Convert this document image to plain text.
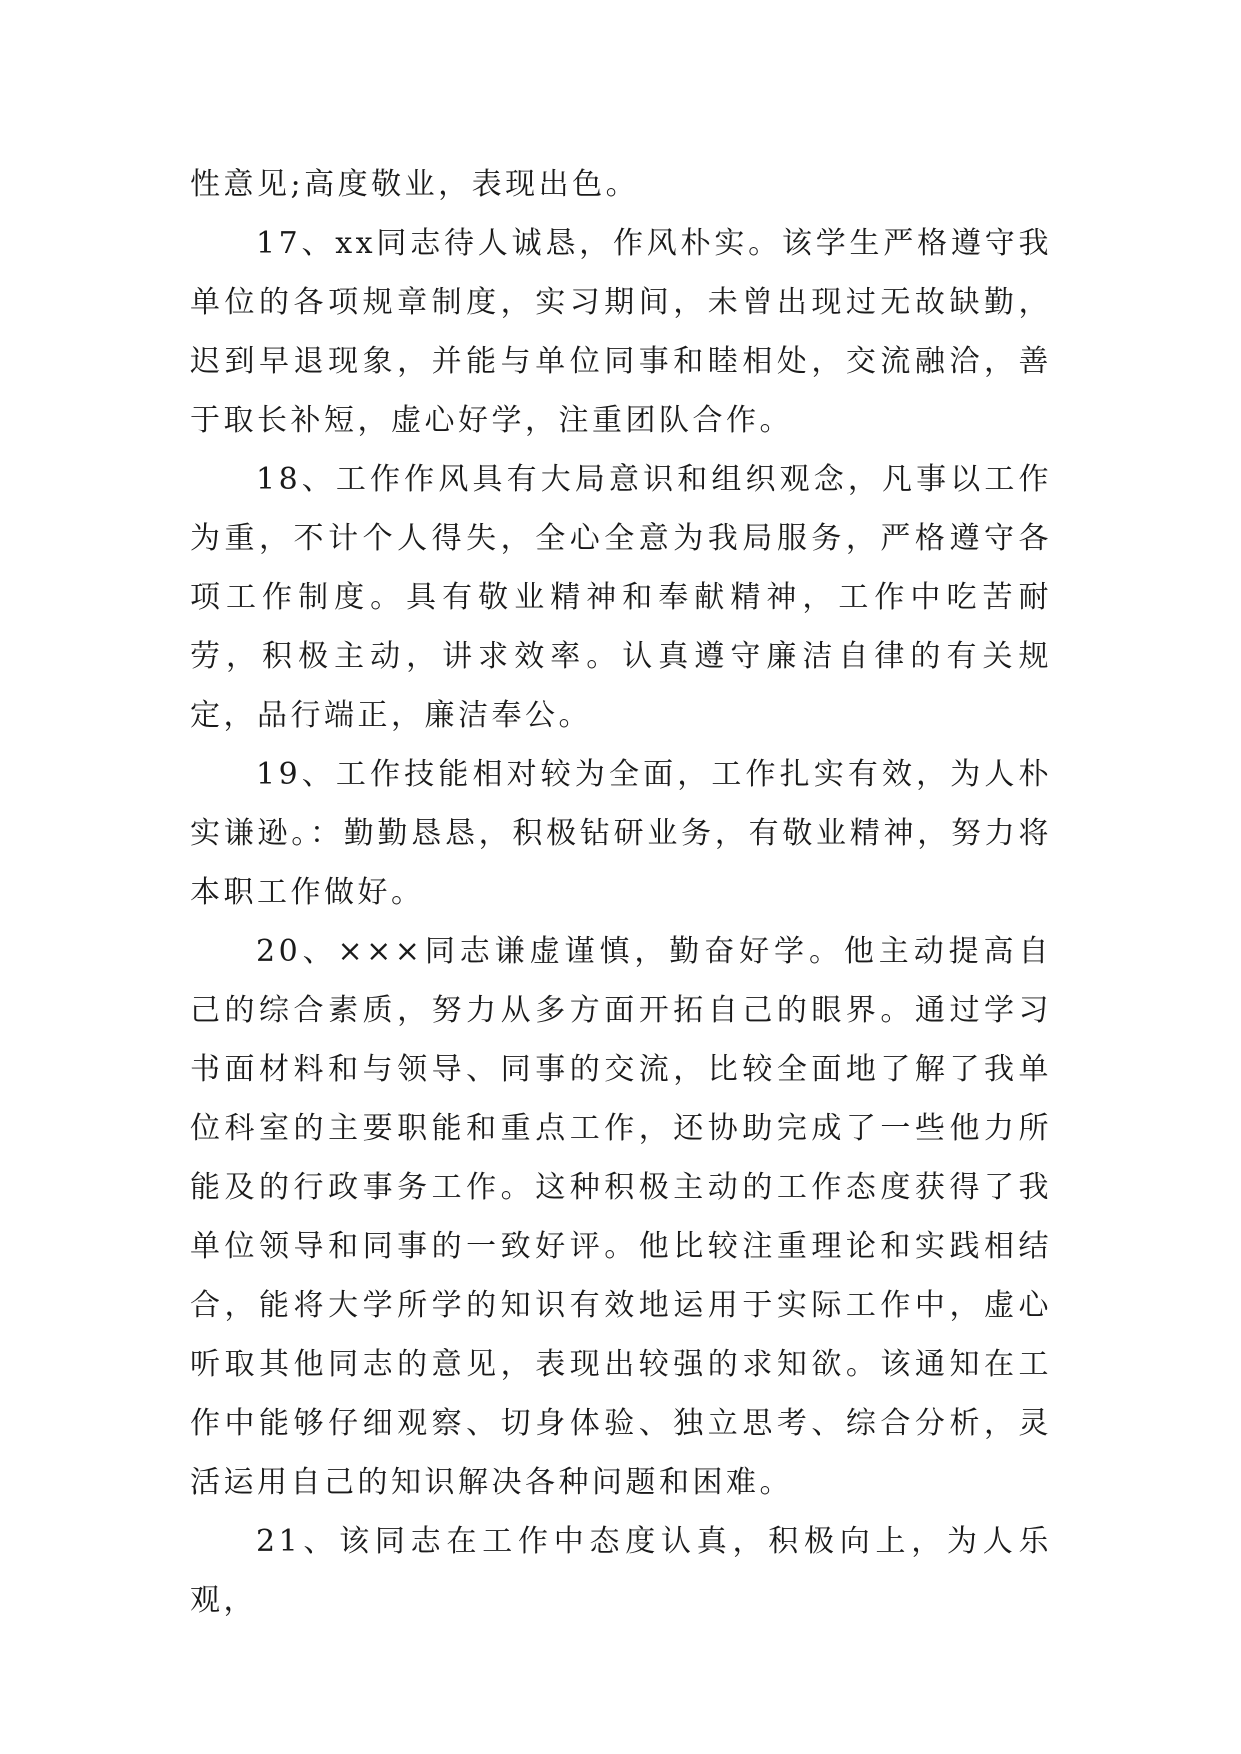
性意见;高度敬业，表现出色。

17、xx同志待人诚恳，作风朴实。该学生严格遵守我单位的各项规章制度，实习期间，未曾出现过无故缺勤，迟到早退现象，并能与单位同事和睦相处，交流融洽，善于取长补短，虚心好学，注重团队合作。

18、工作作风具有大局意识和组织观念，凡事以工作为重，不计个人得失，全心全意为我局服务，严格遵守各项工作制度。具有敬业精神和奉献精神，工作中吃苦耐劳，积极主动，讲求效率。认真遵守廉洁自律的有关规定，品行端正，廉洁奉公。

19、工作技能相对较为全面，工作扎实有效，为人朴实谦逊。：勤勤恳恳，积极钻研业务，有敬业精神，努力将本职工作做好。

20、×××同志谦虚谨慎，勤奋好学。他主动提高自己的综合素质，努力从多方面开拓自己的眼界。通过学习书面材料和与领导、同事的交流，比较全面地了解了我单位科室的主要职能和重点工作，还协助完成了一些他力所能及的行政事务工作。这种积极主动的工作态度获得了我单位领导和同事的一致好评。他比较注重理论和实践相结合，能将大学所学的知识有效地运用于实际工作中，虚心听取其他同志的意见，表现出较强的求知欲。该通知在工作中能够仔细观察、切身体验、独立思考、综合分析，灵活运用自己的知识解决各种问题和困难。

21、该同志在工作中态度认真，积极向上，为人乐观，
